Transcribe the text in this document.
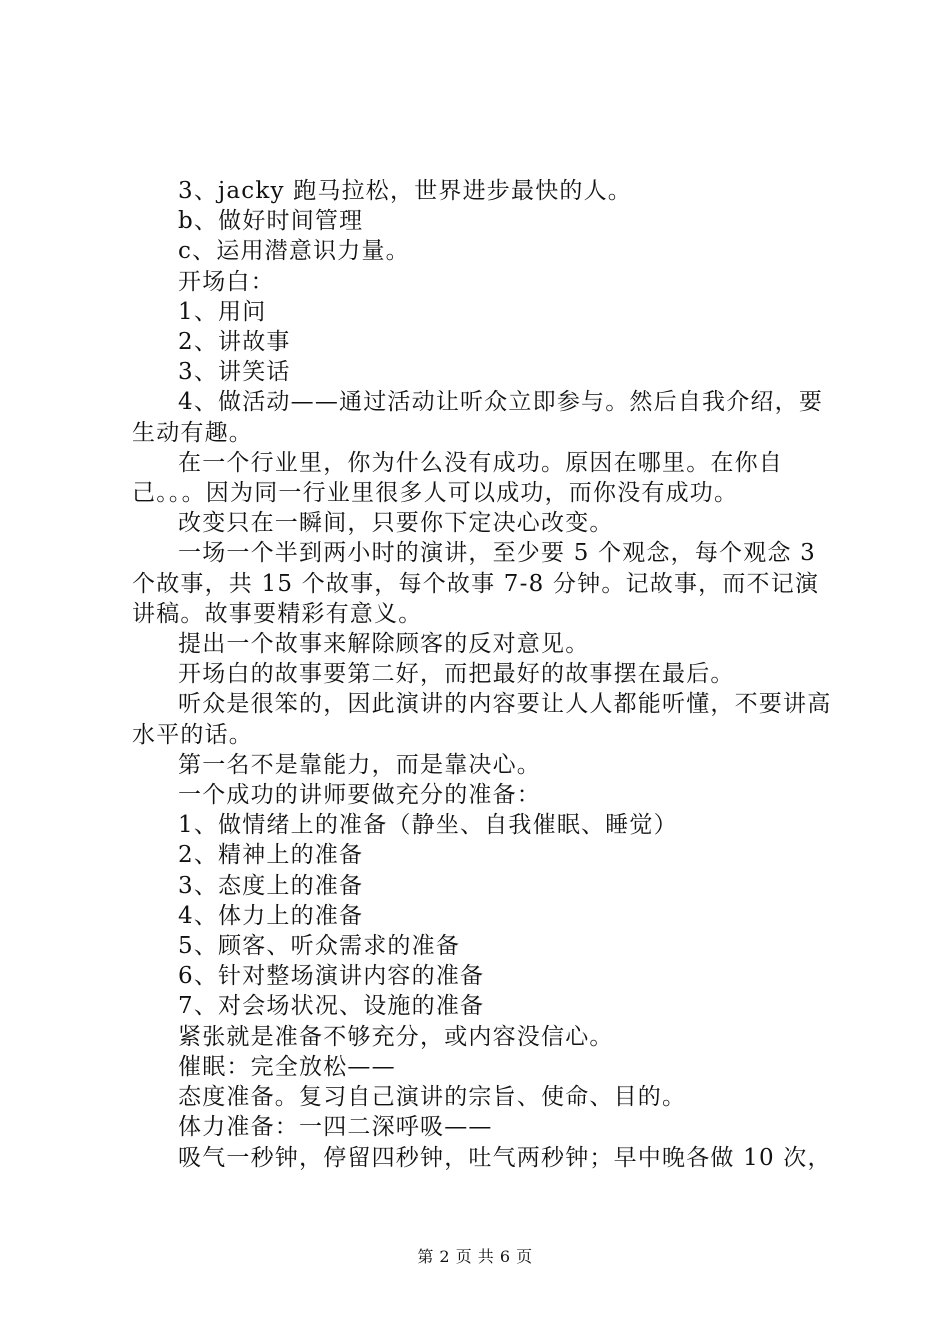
3、jacky 跑马拉松，世界进步最快的人。

b、做好时间管理

c、运用潜意识力量。

开场白：

1、用问

2、讲故事

3、讲笑话

4、做活动——通过活动让听众立即参与。然后自我介绍，要生动有趣。

在一个行业里，你为什么没有成功。原因在哪里。在你自己。。。因为同一行业里很多人可以成功，而你没有成功。

改变只在一瞬间，只要你下定决心改变。

一场一个半到两小时的演讲，至少要 5 个观念，每个观念 3 个故事，共 15 个故事，每个故事 7-8 分钟。记故事，而不记演讲稿。故事要精彩有意义。

提出一个故事来解除顾客的反对意见。

开场白的故事要第二好，而把最好的故事摆在最后。

听众是很笨的，因此演讲的内容要让人人都能听懂，不要讲高水平的话。

第一名不是靠能力，而是靠决心。

一个成功的讲师要做充分的准备：

1、做情绪上的准备（静坐、自我催眠、睡觉）

2、精神上的准备

3、态度上的准备

4、体力上的准备

5、顾客、听众需求的准备

6、针对整场演讲内容的准备

7、对会场状况、设施的准备

紧张就是准备不够充分，或内容没信心。

催眠：完全放松——

态度准备。复习自己演讲的宗旨、使命、目的。

体力准备：一四二深呼吸——

吸气一秒钟，停留四秒钟，吐气两秒钟；早中晚各做 10 次，

第 2 页 共 6 页
